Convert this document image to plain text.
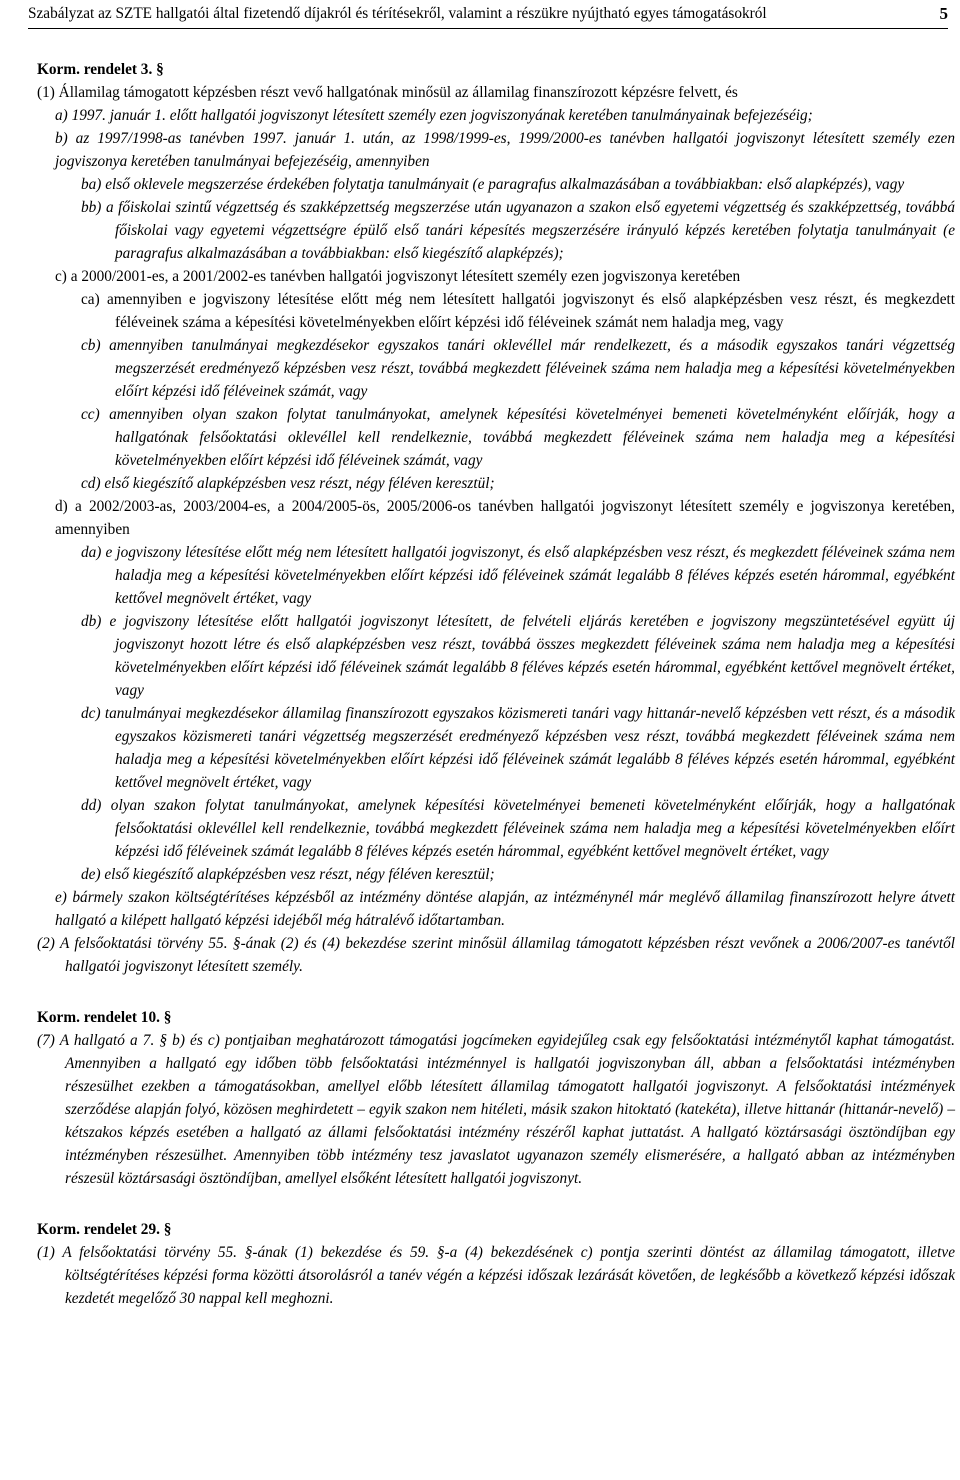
Szabályzat az SZTE hallgatói által fizetendő díjakról és térítésekről, valamint a részükre nyújtható egyes támogatásokról	5

Korm. rendelet 3. §

(1) Államilag támogatott képzésben részt vevő hallgatónak minősül az államilag finanszírozott képzésre felvett, és

a) 1997. január 1. előtt hallgatói jogviszonyt létesített személy ezen jogviszonyának keretében tanulmányainak befejezéséig;

b) az 1997/1998-as tanévben 1997. január 1. után, az 1998/1999-es, 1999/2000-es tanévben hallgatói jogviszonyt létesített személy ezen jogviszonya keretében tanulmányai befejezéséig, amennyiben

ba) első oklevele megszerzése érdekében folytatja tanulmányait (e paragrafus alkalmazásában a továbbiakban: első alapképzés), vagy

bb) a főiskolai szintű végzettség és szakképzettség megszerzése után ugyanazon a szakon első egyetemi végzettség és szakképzettség, továbbá főiskolai vagy egyetemi végzettségre épülő első tanári képesítés megszerzésére irányuló képzés keretében folytatja tanulmányait (e paragrafus alkalmazásában a továbbiakban: első kiegészítő alapképzés);

c) a 2000/2001-es, a 2001/2002-es tanévben hallgatói jogviszonyt létesített személy ezen jogviszonya keretében

ca) amennyiben e jogviszony létesítése előtt még nem létesített hallgatói jogviszonyt és első alapképzésben vesz részt, és megkezdett féléveinek száma a képesítési követelményekben előírt képzési idő féléveinek számát nem haladja meg, vagy

cb) amennyiben tanulmányai megkezdésekor egyszakos tanári oklevéllel már rendelkezett, és a második egyszakos tanári végzettség megszerzését eredményező képzésben vesz részt, továbbá megkezdett féléveinek száma nem haladja meg a képesítési követelményekben előírt képzési idő féléveinek számát, vagy

cc) amennyiben olyan szakon folytat tanulmányokat, amelynek képesítési követelményei bemeneti követelményként előírják, hogy a hallgatónak felsőoktatási oklevéllel kell rendelkeznie, továbbá megkezdett féléveinek száma nem haladja meg a képesítési követelményekben előírt képzési idő féléveinek számát, vagy

cd) első kiegészítő alapképzésben vesz részt, négy féléven keresztül;

d) a 2002/2003-as, 2003/2004-es, a 2004/2005-ös, 2005/2006-os tanévben hallgatói jogviszonyt létesített személy e jogviszonya keretében, amennyiben

da) e jogviszony létesítése előtt még nem létesített hallgatói jogviszonyt, és első alapképzésben vesz részt, és megkezdett féléveinek száma nem haladja meg a képesítési követelményekben előírt képzési idő féléveinek számát legalább 8 féléves képzés esetén hárommal, egyébként kettővel megnövelt értéket, vagy

db) e jogviszony létesítése előtt hallgatói jogviszonyt létesített, de felvételi eljárás keretében e jogviszony megszüntetésével együtt új jogviszonyt hozott létre és első alapképzésben vesz részt, továbbá összes megkezdett féléveinek száma nem haladja meg a képesítési követelményekben előírt képzési idő féléveinek számát legalább 8 féléves képzés esetén hárommal, egyébként kettővel megnövelt értéket, vagy

dc) tanulmányai megkezdésekor államilag finanszírozott egyszakos közismereti tanári vagy hittanár-nevelő képzésben vett részt, és a második egyszakos közismereti tanári végzettség megszerzését eredményező képzésben vesz részt, továbbá megkezdett féléveinek száma nem haladja meg a képesítési követelményekben előírt képzési idő féléveinek számát legalább 8 féléves képzés esetén hárommal, egyébként kettővel megnövelt értéket, vagy

dd) olyan szakon folytat tanulmányokat, amelynek képesítési követelményei bemeneti követelményként előírják, hogy a hallgatónak felsőoktatási oklevéllel kell rendelkeznie, továbbá megkezdett féléveinek száma nem haladja meg a képesítési követelményekben előírt képzési idő féléveinek számát legalább 8 féléves képzés esetén hárommal, egyébként kettővel megnövelt értéket, vagy

de) első kiegészítő alapképzésben vesz részt, négy féléven keresztül;

e) bármely szakon költségtérítéses képzésből az intézmény döntése alapján, az intézménynél már meglévő államilag finanszírozott helyre átvett hallgató a kilépett hallgató képzési idejéből még hátralévő időtartamban.

(2) A felsőoktatási törvény 55. §-ának (2) és (4) bekezdése szerint minősül államilag támogatott képzésben részt vevőnek a 2006/2007-es tanévtől hallgatói jogviszonyt létesített személy.

Korm. rendelet 10. §

(7) A hallgató a 7. § b) és c) pontjaiban meghatározott támogatási jogcímeken egyidejűleg csak egy felsőoktatási intézménytől kaphat támogatást. Amennyiben a hallgató egy időben több felsőoktatási intézménnyel is hallgatói jogviszonyban áll, abban a felsőoktatási intézményben részesülhet ezekben a támogatásokban, amellyel előbb létesített államilag támogatott hallgatói jogviszonyt. A felsőoktatási intézmények szerződése alapján folyó, közösen meghirdetett – egyik szakon nem hitéleti, másik szakon hitoktató (katekéta), illetve hittanár (hittanár-nevelő) – kétszakos képzés esetében a hallgató az állami felsőoktatási intézmény részéről kaphat juttatást. A hallgató köztársasági ösztöndíjban egy intézményben részesülhet. Amennyiben több intézmény tesz javaslatot ugyanazon személy elismerésére, a hallgató abban az intézményben részesül köztársasági ösztöndíjban, amellyel elsőként létesített hallgatói jogviszonyt.

Korm. rendelet 29. §

(1) A felsőoktatási törvény 55. §-ának (1) bekezdése és 59. §-a (4) bekezdésének c) pontja szerinti döntést az államilag támogatott, illetve költségtérítéses képzési forma közötti átsorolásról a tanév végén a képzési időszak lezárását követően, de legkésőbb a következő képzési időszak kezdetét megelőző 30 nappal kell meghozni.
